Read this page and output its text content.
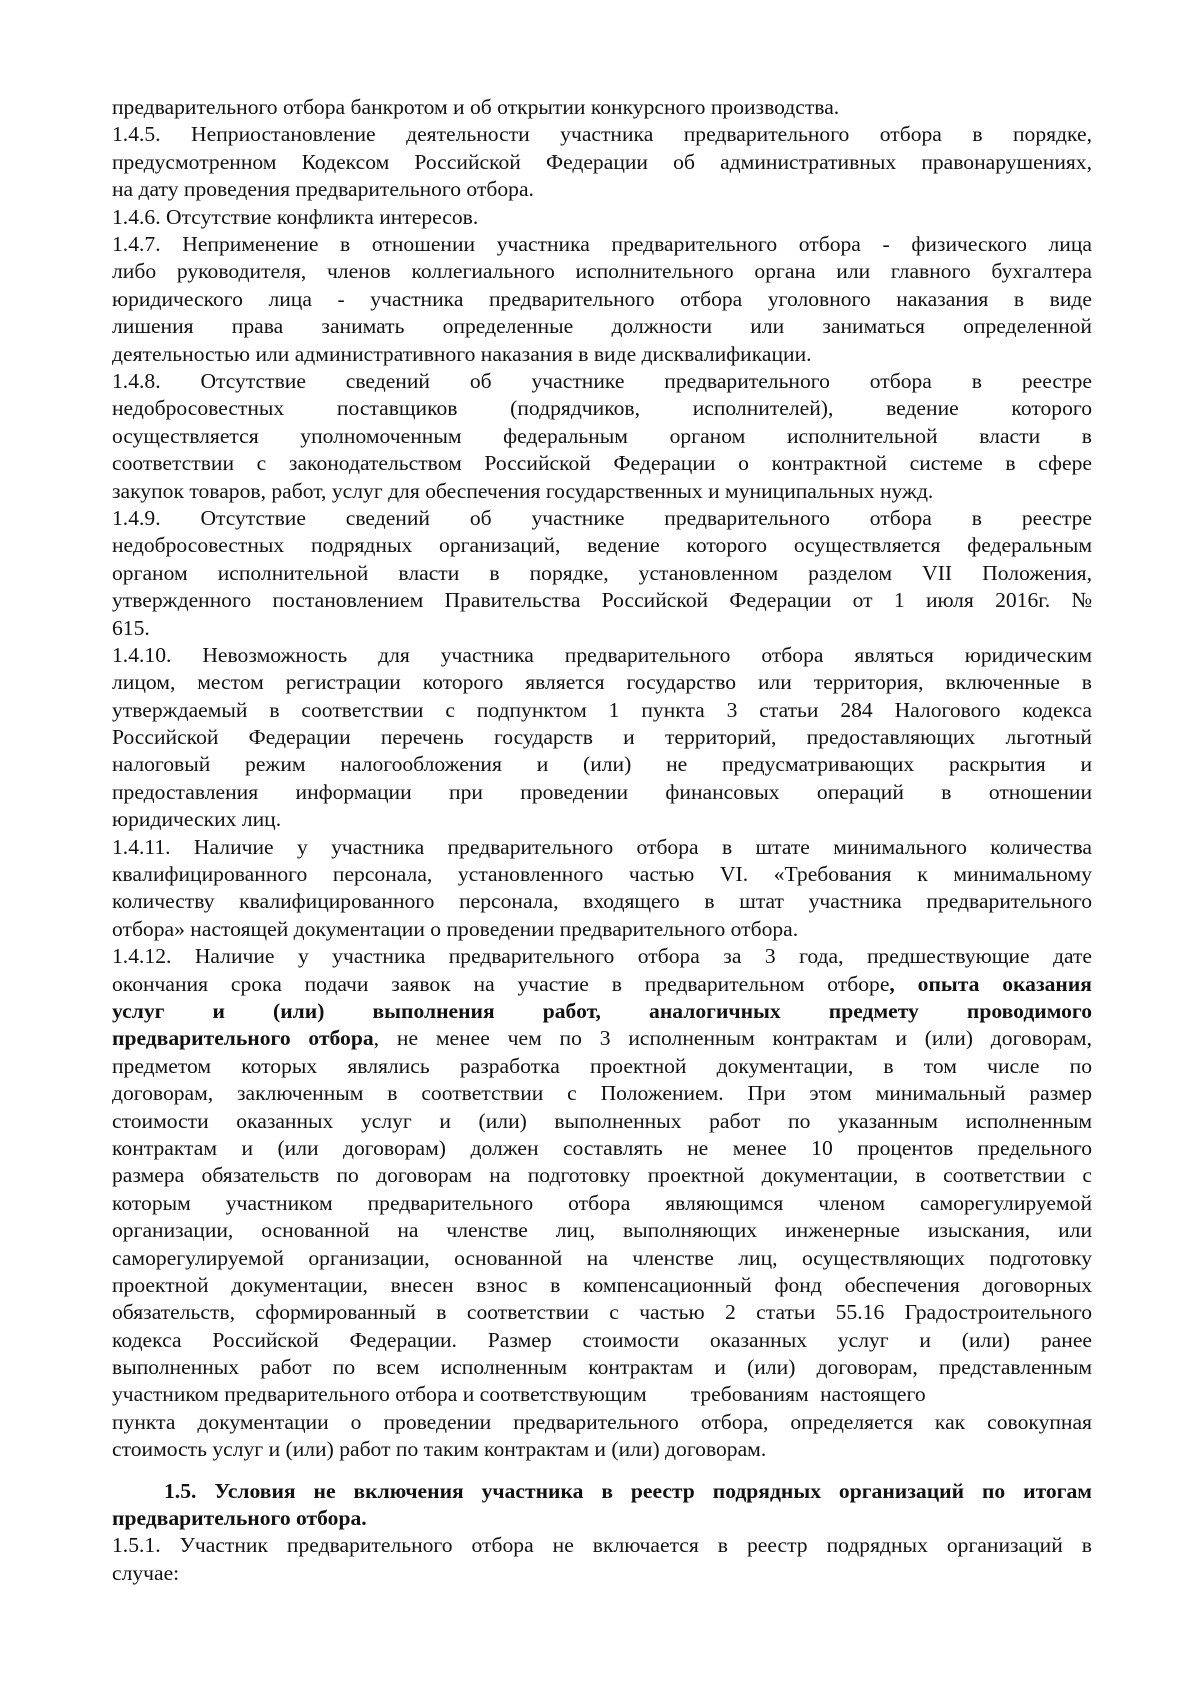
предварительного отбора банкротом и об открытии конкурсного производства.
1.4.5. Неприостановление деятельности участника предварительного отбора в порядке,
предусмотренном Кодексом Российской Федерации об административных правонарушениях,
на дату проведения предварительного отбора.
1.4.6. Отсутствие конфликта интересов.
1.4.7. Неприменение в отношении участника предварительного отбора - физического лица
либо руководителя, членов коллегиального исполнительного органа или главного бухгалтера
юридического лица - участника предварительного отбора уголовного наказания в виде
лишения права занимать определенные должности или заниматься определенной
деятельностью или административного наказания в виде дисквалификации.
1.4.8. Отсутствие сведений об участнике предварительного отбора в реестре
недобросовестных поставщиков (подрядчиков, исполнителей), ведение которого
осуществляется уполномоченным федеральным органом исполнительной власти в
соответствии с законодательством Российской Федерации о контрактной системе в сфере
закупок товаров, работ, услуг для обеспечения государственных и муниципальных нужд.
1.4.9. Отсутствие сведений об участнике предварительного отбора в реестре
недобросовестных подрядных организаций, ведение которого осуществляется федеральным
органом исполнительной власти в порядке, установленном разделом VII Положения,
утвержденного постановлением Правительства Российской Федерации от 1 июля 2016г. №
615.
1.4.10. Невозможность для участника предварительного отбора являться юридическим
лицом, местом регистрации которого является государство или территория, включенные в
утверждаемый в соответствии с подпунктом 1 пункта 3 статьи 284 Налогового кодекса
Российской Федерации перечень государств и территорий, предоставляющих льготный
налоговый режим налогообложения и (или) не предусматривающих раскрытия и
предоставления информации при проведении финансовых операций в отношении
юридических лиц.
1.4.11. Наличие у участника предварительного отбора в штате минимального количества
квалифицированного персонала, установленного частью VI. «Требования к минимальному
количеству квалифицированного персонала, входящего в штат участника предварительного
отбора» настоящей документации о проведении предварительного отбора.
1.4.12. Наличие у участника предварительного отбора за 3 года, предшествующие дате
окончания срока подачи заявок на участие в предварительном отборе, опыта оказания
услуг и (или) выполнения работ, аналогичных предмету проводимого
предварительного отбора, не менее чем по 3 исполненным контрактам и (или) договорам,
предметом которых являлись разработка проектной документации, в том числе по
договорам, заключенным в соответствии с Положением. При этом минимальный размер
стоимости оказанных услуг и (или) выполненных работ по указанным исполненным
контрактам и (или договорам) должен составлять не менее 10 процентов предельного
размера обязательств по договорам на подготовку проектной документации, в соответствии с
которым участником предварительного отбора являющимся членом саморегулируемой
организации, основанной на членстве лиц, выполняющих инженерные изыскания, или
саморегулируемой организации, основанной на членстве лиц, осуществляющих подготовку
проектной документации, внесен взнос в компенсационный фонд обеспечения договорных
обязательств, сформированный в соответствии с частью 2 статьи 55.16 Градостроительного
кодекса Российской Федерации. Размер стоимости оказанных услуг и (или) ранее
выполненных работ по всем исполненным контрактам и (или) договорам, представленным
участником предварительного отбора и соответствующим требованиям настоящего
пункта документации о проведении предварительного отбора, определяется как совокупная
стоимость услуг и (или) работ по таким контрактам и (или) договорам.
1.5. Условия не включения участника в реестр подрядных организаций по итогам
предварительного отбора.
1.5.1. Участник предварительного отбора не включается в реестр подрядных организаций в
случае:
